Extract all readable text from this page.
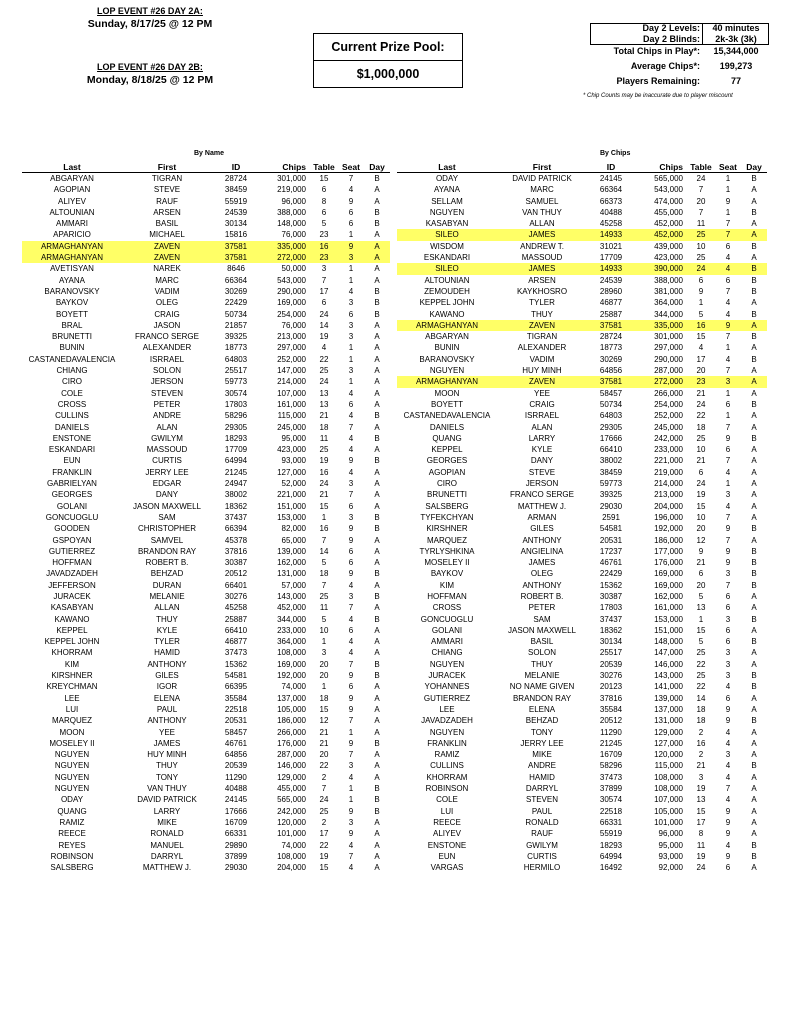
LOP EVENT #26 DAY 2A:
Sunday, 8/17/25 @ 12 PM
LOP EVENT #26 DAY 2B:
Monday, 8/18/25 @ 12 PM
Current Prize Pool:
$1,000,000
Day 2 Levels:	40 minutes
Day 2 Blinds:	2k-3k (3k)
Total Chips in Play*:	15,344,000
Average Chips*:	199,273
Players Remaining:	77
* Chip Counts may be inaccurate due to player miscount
By Name	By Chips
Last	First	ID	Chips	Table	Seat	Day
ABGARYAN	TIGRAN	28724	301,000	15	7	B
AGOPIAN	STEVE	38459	219,000	6	4	A
ALIYEV	RAUF	55919	96,000	8	9	A
ALTOUNIAN	ARSEN	24539	388,000	6	6	B
AMMARI	BASIL	30134	148,000	5	6	B
APARICIO	MICHAEL	15816	76,000	23	1	A
ARMAGHANYAN	ZAVEN	37581	335,000	16	9	A
ARMAGHANYAN	ZAVEN	37581	272,000	23	3	A
AVETISYAN	NAREK	8646	50,000	3	1	A
AYANA	MARC	66364	543,000	7	1	A
BARANOVSKY	VADIM	30269	290,000	17	4	B
BAYKOV	OLEG	22429	169,000	6	3	B
BOYETT	CRAIG	50734	254,000	24	6	B
BRAL	JASON	21857	76,000	14	3	A
BRUNETTI	FRANCO SERGE	39325	213,000	19	3	A
BUNIN	ALEXANDER	18773	297,000	4	1	A
CASTANEDAVALENCIA	ISRRAEL	64803	252,000	22	1	A
CHIANG	SOLON	25517	147,000	25	3	A
CIRO	JERSON	59773	214,000	24	1	A
COLE	STEVEN	30574	107,000	13	4	A
CROSS	PETER	17803	161,000	13	6	A
CULLINS	ANDRE	58296	115,000	21	4	B
DANIELS	ALAN	29305	245,000	18	7	A
ENSTONE	GWILYM	18293	95,000	11	4	B
ESKANDARI	MASSOUD	17709	423,000	25	4	A
EUN	CURTIS	64994	93,000	19	9	B
FRANKLIN	JERRY LEE	21245	127,000	16	4	A
GABRIELYAN	EDGAR	24947	52,000	24	3	A
GEORGES	DANY	38002	221,000	21	7	A
GOLANI	JASON MAXWELL	18362	151,000	15	6	A
GONCUOGLU	SAM	37437	153,000	1	3	B
GOODEN	CHRISTOPHER	66394	82,000	16	9	B
GSPOYAN	SAMVEL	45378	65,000	7	9	A
GUTIERREZ	BRANDON RAY	37816	139,000	14	6	A
HOFFMAN	ROBERT B.	30387	162,000	5	6	A
JAVADZADEH	BEHZAD	20512	131,000	18	9	B
JEFFERSON	DURAN	66401	57,000	7	4	A
JURACEK	MELANIE	30276	143,000	25	3	B
KASABYAN	ALLAN	45258	452,000	11	7	A
KAWANO	THUY	25887	344,000	5	4	B
KEPPEL	KYLE	66410	233,000	10	6	A
KEPPEL JOHN	TYLER	46877	364,000	1	4	A
KHORRAM	HAMID	37473	108,000	3	4	A
KIM	ANTHONY	15362	169,000	20	7	B
KIRSHNER	GILES	54581	192,000	20	9	B
KREYCHMAN	IGOR	66395	74,000	1	6	A
LEE	ELENA	35584	137,000	18	9	A
LUI	PAUL	22518	105,000	15	9	A
MARQUEZ	ANTHONY	20531	186,000	12	7	A
MOON	YEE	58457	266,000	21	1	A
MOSELEY II	JAMES	46761	176,000	21	9	B
NGUYEN	HUY MINH	64856	287,000	20	7	A
NGUYEN	THUY	20539	146,000	22	3	A
NGUYEN	TONY	11290	129,000	2	4	A
NGUYEN	VAN THUY	40488	455,000	7	1	B
ODAY	DAVID PATRICK	24145	565,000	24	1	B
QUANG	LARRY	17666	242,000	25	9	B
RAMIZ	MIKE	16709	120,000	2	3	A
REECE	RONALD	66331	101,000	17	9	A
REYES	MANUEL	29890	74,000	22	4	A
ROBINSON	DARRYL	37899	108,000	19	7	A
SALSBERG	MATTHEW J.	29030	204,000	15	4	A
Last	First	ID	Chips	Table	Seat	Day
ODAY	DAVID PATRICK	24145	565,000	24	1	B
AYANA	MARC	66364	543,000	7	1	A
SELLAM	SAMUEL	66373	474,000	20	9	A
NGUYEN	VAN THUY	40488	455,000	7	1	B
KASABYAN	ALLAN	45258	452,000	11	7	A
SILEO	JAMES	14933	452,000	25	7	A
WISDOM	ANDREW T.	31021	439,000	10	6	B
ESKANDARI	MASSOUD	17709	423,000	25	4	A
SILEO	JAMES	14933	390,000	24	4	B
ALTOUNIAN	ARSEN	24539	388,000	6	6	B
ZEMOUDEH	KAYKHOSRO	28960	381,000	9	7	B
KEPPEL JOHN	TYLER	46877	364,000	1	4	A
KAWANO	THUY	25887	344,000	5	4	B
ARMAGHANYAN	ZAVEN	37581	335,000	16	9	A
ABGARYAN	TIGRAN	28724	301,000	15	7	B
BUNIN	ALEXANDER	18773	297,000	4	1	A
BARANOVSKY	VADIM	30269	290,000	17	4	B
NGUYEN	HUY MINH	64856	287,000	20	7	A
ARMAGHANYAN	ZAVEN	37581	272,000	23	3	A
MOON	YEE	58457	266,000	21	1	A
BOYETT	CRAIG	50734	254,000	24	6	B
CASTANEDAVALENCIA	ISRRAEL	64803	252,000	22	1	A
DANIELS	ALAN	29305	245,000	18	7	A
QUANG	LARRY	17666	242,000	25	9	B
KEPPEL	KYLE	66410	233,000	10	6	A
GEORGES	DANY	38002	221,000	21	7	A
AGOPIAN	STEVE	38459	219,000	6	4	A
CIRO	JERSON	59773	214,000	24	1	A
BRUNETTI	FRANCO SERGE	39325	213,000	19	3	A
SALSBERG	MATTHEW J.	29030	204,000	15	4	A
TYFEKCHYAN	ARMAN	2591	196,000	10	7	A
KIRSHNER	GILES	54581	192,000	20	9	B
MARQUEZ	ANTHONY	20531	186,000	12	7	A
TYRLYSHKINA	ANGIELINA	17237	177,000	9	9	B
MOSELEY II	JAMES	46761	176,000	21	9	B
BAYKOV	OLEG	22429	169,000	6	3	B
KIM	ANTHONY	15362	169,000	20	7	B
HOFFMAN	ROBERT B.	30387	162,000	5	6	A
CROSS	PETER	17803	161,000	13	6	A
GONCUOGLU	SAM	37437	153,000	1	3	B
GOLANI	JASON MAXWELL	18362	151,000	15	6	A
AMMARI	BASIL	30134	148,000	5	6	B
CHIANG	SOLON	25517	147,000	25	3	A
NGUYEN	THUY	20539	146,000	22	3	A
JURACEK	MELANIE	30276	143,000	25	3	B
YOHANNES	NO NAME GIVEN	20123	141,000	22	4	B
GUTIERREZ	BRANDON RAY	37816	139,000	14	6	A
LEE	ELENA	35584	137,000	18	9	A
JAVADZADEH	BEHZAD	20512	131,000	18	9	B
NGUYEN	TONY	11290	129,000	2	4	A
FRANKLIN	JERRY LEE	21245	127,000	16	4	A
RAMIZ	MIKE	16709	120,000	2	3	A
CULLINS	ANDRE	58296	115,000	21	4	B
KHORRAM	HAMID	37473	108,000	3	4	A
ROBINSON	DARRYL	37899	108,000	19	7	A
COLE	STEVEN	30574	107,000	13	4	A
LUI	PAUL	22518	105,000	15	9	A
REECE	RONALD	66331	101,000	17	9	A
ALIYEV	RAUF	55919	96,000	8	9	A
ENSTONE	GWILYM	18293	95,000	11	4	B
EUN	CURTIS	64994	93,000	19	9	B
VARGAS	HERMILO	16492	92,000	24	6	A
